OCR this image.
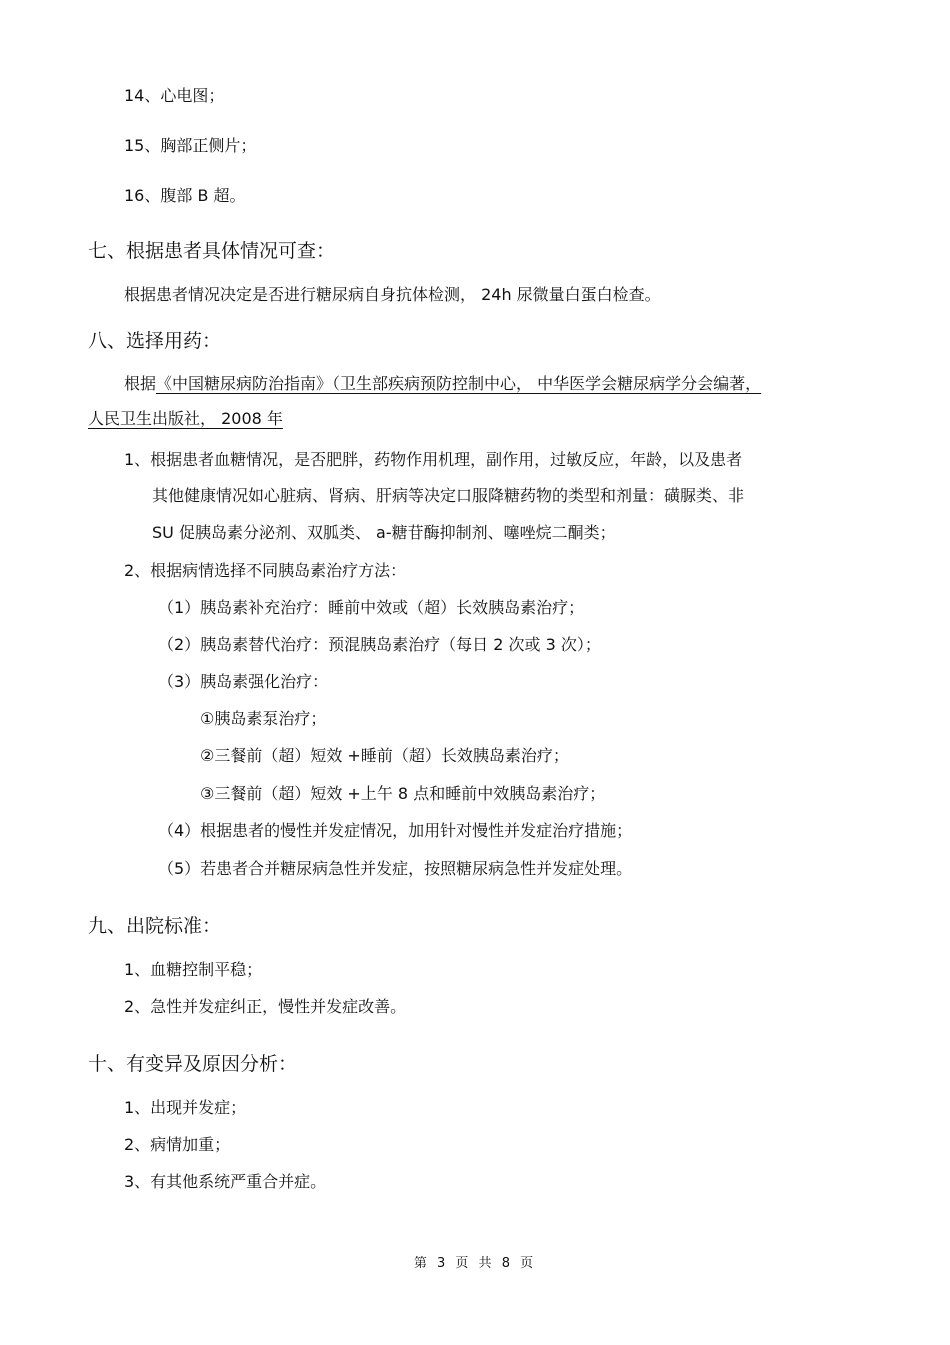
14、心电图；
15、胸部正侧片；
16、腹部 B 超。
七、根据患者具体情况可查：
根据患者情况决定是否进行糖尿病自身抗体检测， 24h 尿微量白蛋白检查。
八、选择用药：
根据《中国糖尿病防治指南》（卫生部疾病预防控制中心， 中华医学会糖尿病学分会编著，
人民卫生出版社， 2008 年
1、根据患者血糖情况，是否肥胖，药物作用机理，副作用，过敏反应，年龄，以及患者
其他健康情况如心脏病、肾病、肝病等决定口服降糖药物的类型和剂量：磺脲类、非
SU 促胰岛素分泌剂、双胍类、 a-糖苷酶抑制剂、噻唑烷二酮类；
2、根据病情选择不同胰岛素治疗方法：
（1）胰岛素补充治疗：睡前中效或（超）长效胰岛素治疗；
（2）胰岛素替代治疗：预混胰岛素治疗（每日 2 次或 3 次）；
（3）胰岛素强化治疗：
①胰岛素泵治疗；
②三餐前（超）短效 +睡前（超）长效胰岛素治疗；
③三餐前（超）短效 +上午 8 点和睡前中效胰岛素治疗；
（4）根据患者的慢性并发症情况，加用针对慢性并发症治疗措施；
（5）若患者合并糖尿病急性并发症，按照糖尿病急性并发症处理。
九、出院标准：
1、血糖控制平稳；
2、急性并发症纠正，慢性并发症改善。
十、有变异及原因分析：
1、出现并发症；
2、病情加重；
3、有其他系统严重合并症。
第 3 页 共 8 页
